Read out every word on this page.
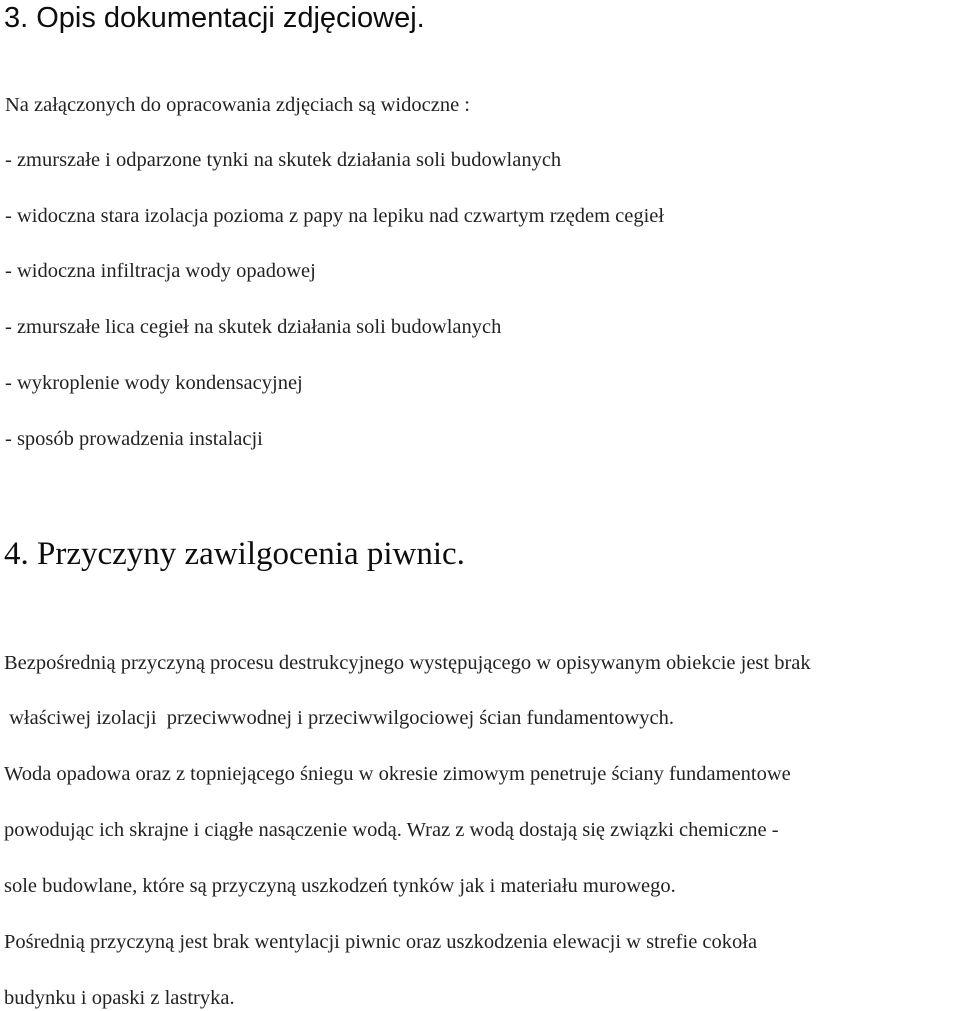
3. Opis dokumentacji zdjęciowej.

Na załączonych do opracowania zdjęciach są widoczne :

- zmurszałe i odparzone tynki na skutek działania soli budowlanych

- widoczna stara izolacja pozioma z papy na lepiku nad czwartym rzędem cegieł

- widoczna infiltracja wody opadowej

- zmurszałe lica cegieł na skutek działania soli budowlanych

- wykroplenie wody kondensacyjnej

- sposób prowadzenia instalacji

4. Przyczyny zawilgocenia piwnic.

Bezpośrednią przyczyną procesu destrukcyjnego występującego w opisywanym obiekcie jest brak

właściwej izolacji  przeciwwodnej i przeciwwilgociowej ścian fundamentowych.

Woda opadowa oraz z topniejącego śniegu w okresie zimowym penetruje ściany fundamentowe

powodując ich skrajne i ciągłe nasączenie wodą. Wraz z wodą dostają się związki chemiczne -

sole budowlane, które są przyczyną uszkodzeń tynków jak i materiału murowego.

Pośrednią przyczyną jest brak wentylacji piwnic oraz uszkodzenia elewacji w strefie cokoła

budynku i opaski z lastryka.
